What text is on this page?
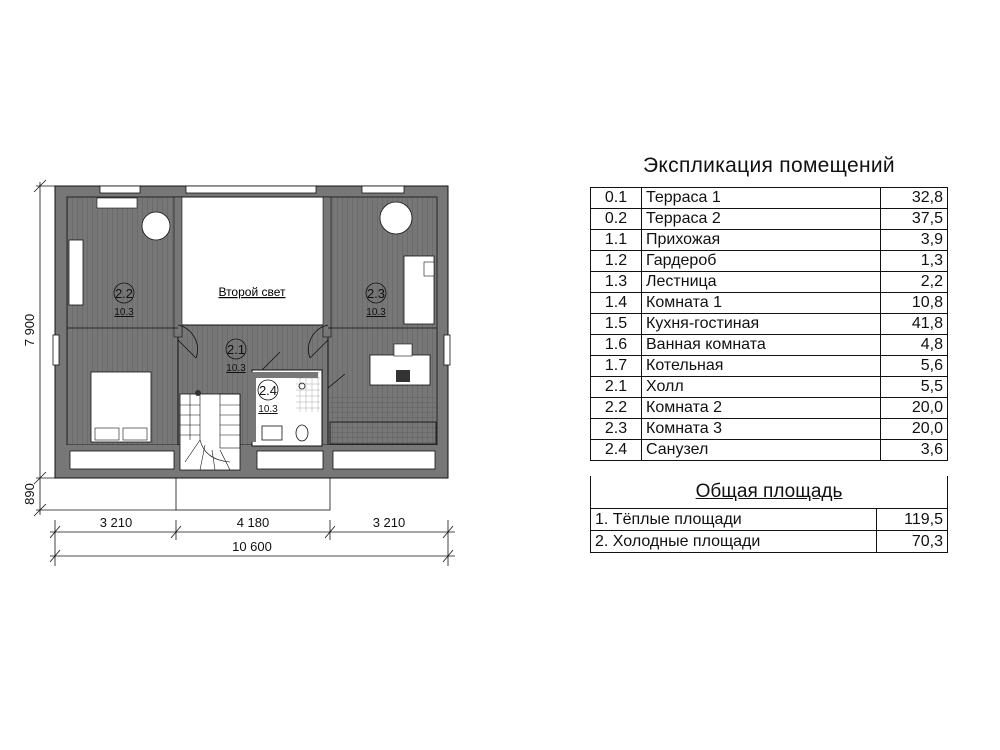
Второй свет
2.2
10.3
2.3
10.3
2.1
10.3
2.4
10.3
7 900
890
3 210	4 180	3 210
10 600
Экспликация помещений
0.1	Терраса 1	32,8
0.2	Терраса 2	37,5
1.1	Прихожая	3,9
1.2	Гардероб	1,3
1.3	Лестница	2,2
1.4	Комната 1	10,8
1.5	Кухня-гостиная	41,8
1.6	Ванная комната	4,8
1.7	Котельная	5,6
2.1	Холл	5,5
2.2	Комната 2	20,0
2.3	Комната 3	20,0
2.4	Санузел	3,6
Общая площадь
1. Тёплые площади	119,5
2. Холодные площади	70,3
